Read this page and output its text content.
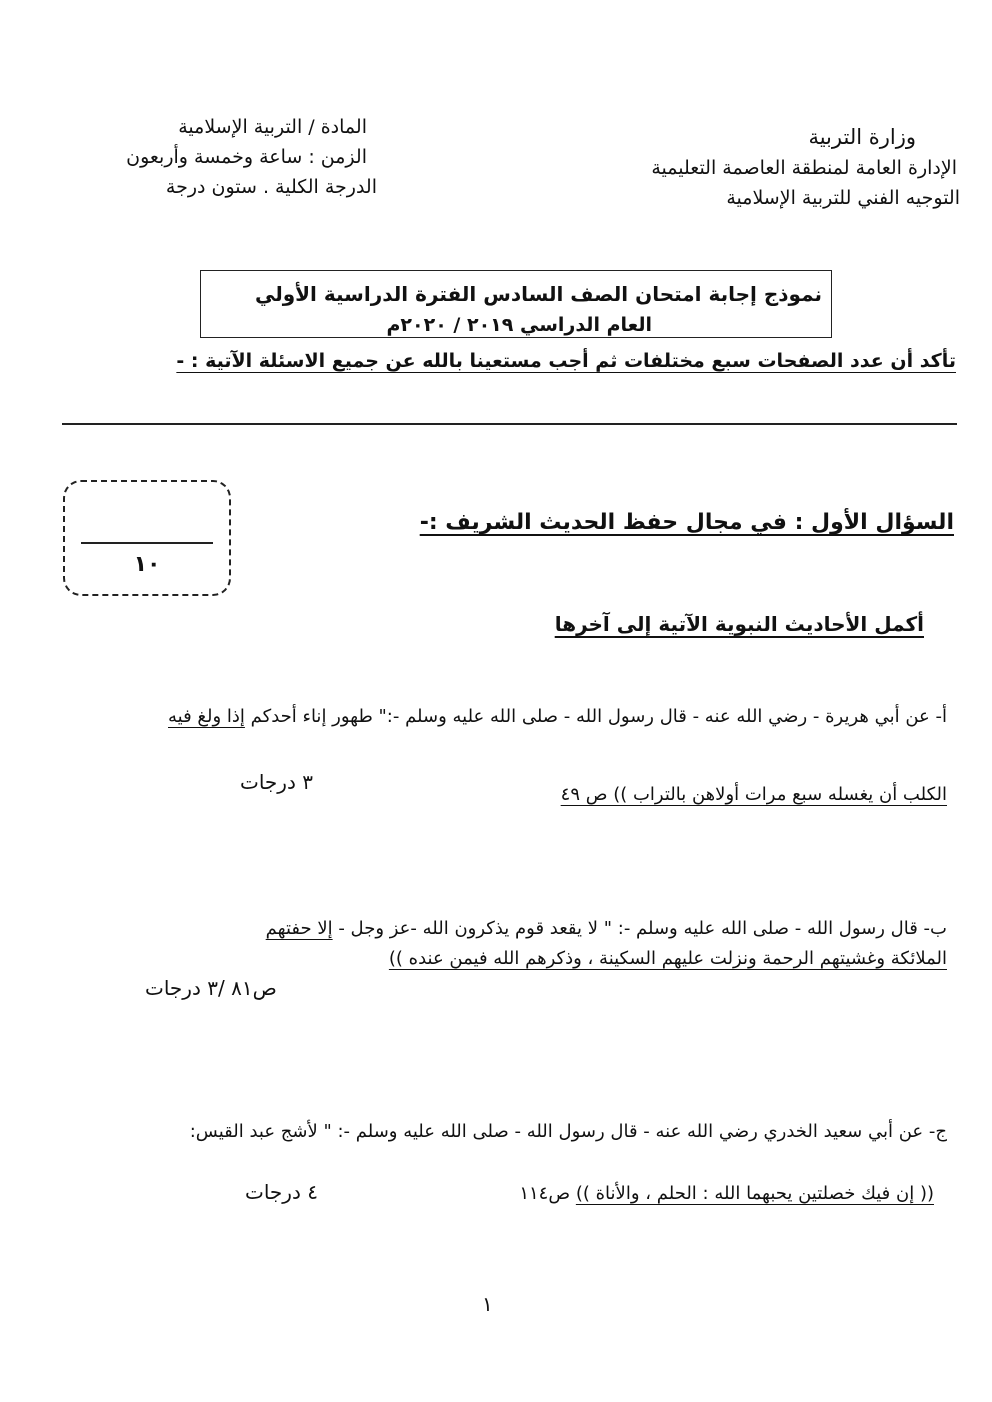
وزارة التربية
الإدارة العامة لمنطقة العاصمة التعليمية
التوجيه الفني للتربية الإسلامية
المادة / التربية الإسلامية
الزمن : ساعة وخمسة وأربعون
الدرجة الكلية . ستون درجة
نموذج إجابة امتحان الصف السادس الفترة الدراسية الأولي
العام الدراسي ٢٠١٩ / ٢٠٢٠م
تأكد أن عدد الصفحات سبع مختلفات ثم أجب مستعينا بالله عن جميع الاسئلة الآتية : -
١٠
السؤال الأول : في مجال حفظ الحديث الشريف :-
أكمل الأحاديث النبوية الآتية إلى آخرها
أ- عن أبي هريرة - رضي الله عنه - قال رسول الله - صلى الله عليه وسلم -:" طهور إناء أحدكم إذا ولغ فيه
الكلب أن يغسله سبع مرات أولاهن بالتراب )) ص ٤٩
٣ درجات
ب- قال رسول الله - صلى الله عليه وسلم -: " لا يقعد قوم يذكرون الله -عز وجل - إلا حفتهم
الملائكة وغشيتهم الرحمة ونزلت عليهم السكينة ، وذكرهم الله فيمن عنده ))
ص٨١ /٣ درجات
ج- عن أبي سعيد الخدري رضي الله عنه - قال رسول الله - صلى الله عليه وسلم -: " لأشج عبد القيس:
(( إن فيك خصلتين يحبهما الله : الحلم ، والأناة )) ص١١٤
٤ درجات
١
